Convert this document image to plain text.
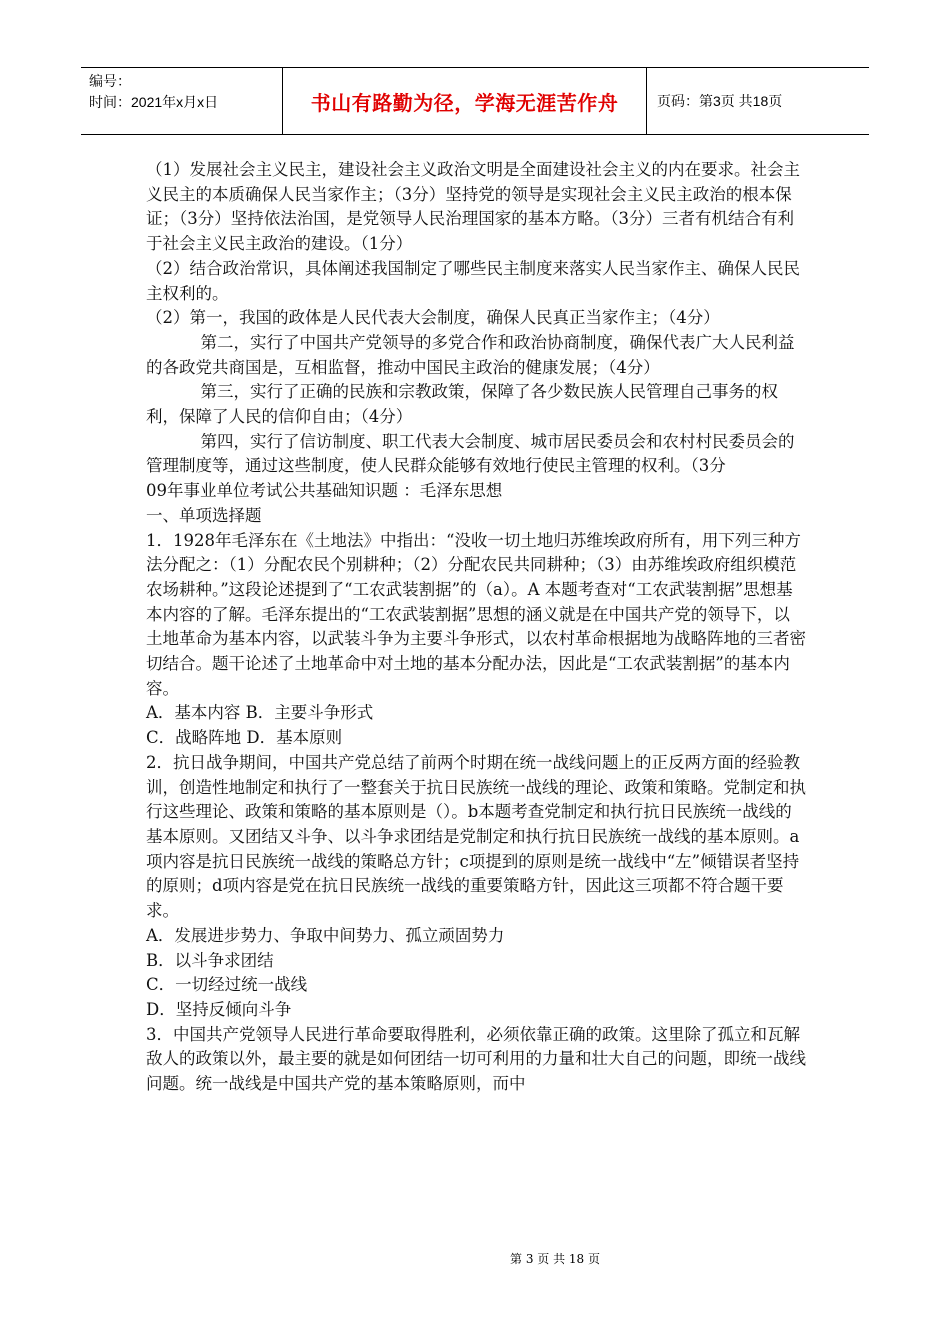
编号：
时间：2021年x月x日	书山有路勤为径，学海无涯苦作舟	页码：第3页 共18页

（1）发展社会主义民主，建设社会主义政治文明是全面建设社会主义的内在要求。社会主义民主的本质确保人民当家作主；（3分）坚持党的领导是实现社会主义民主政治的根本保证；（3分）坚持依法治国，是党领导人民治理国家的基本方略。（3分）三者有机结合有利于社会主义民主政治的建设。（1分）

（2）结合政治常识，具体阐述我国制定了哪些民主制度来落实人民当家作主、确保人民民主权利的。

（2）第一，我国的政体是人民代表大会制度，确保人民真正当家作主；（4分）

第二，实行了中国共产党领导的多党合作和政治协商制度，确保代表广大人民利益的各政党共商国是，互相监督，推动中国民主政治的健康发展；（4分）

第三，实行了正确的民族和宗教政策，保障了各少数民族人民管理自己事务的权利，保障了人民的信仰自由；（4分）

第四，实行了信访制度、职工代表大会制度、城市居民委员会和农村村民委员会的管理制度等，通过这些制度，使人民群众能够有效地行使民主管理的权利。（3分

09年事业单位考试公共基础知识题 ：毛泽东思想

一、单项选择题

1．1928年毛泽东在《土地法》中指出：“没收一切土地归苏维埃政府所有，用下列三种方法分配之：（1）分配农民个别耕种；（2）分配农民共同耕种；（3）由苏维埃政府组织模范农场耕种。”这段论述提到了“工农武装割据”的（a）。A 本题考查对“工农武装割据”思想基本内容的了解。毛泽东提出的“工农武装割据”思想的涵义就是在中国共产党的领导下，以土地革命为基本内容，以武装斗争为主要斗争形式，以农村革命根据地为战略阵地的三者密切结合。题干论述了土地革命中对土地的基本分配办法，因此是“工农武装割据”的基本内容。

A．基本内容 B．主要斗争形式

C．战略阵地 D．基本原则

2．抗日战争期间，中国共产党总结了前两个时期在统一战线问题上的正反两方面的经验教训，创造性地制定和执行了一整套关于抗日民族统一战线的理论、政策和策略。党制定和执行这些理论、政策和策略的基本原则是（）。b本题考查党制定和执行抗日民族统一战线的基本原则。又团结又斗争、以斗争求团结是党制定和执行抗日民族统一战线的基本原则。a项内容是抗日民族统一战线的策略总方针；c项提到的原则是统一战线中“左”倾错误者坚持的原则；d项内容是党在抗日民族统一战线的重要策略方针，因此这三项都不符合题干要求。

A．发展进步势力、争取中间势力、孤立顽固势力

B．以斗争求团结

C．一切经过统一战线

D．坚持反倾向斗争

3．中国共产党领导人民进行革命要取得胜利，必须依靠正确的政策。这里除了孤立和瓦解敌人的政策以外，最主要的就是如何团结一切可利用的力量和壮大自己的问题，即统一战线问题。统一战线是中国共产党的基本策略原则，而中

第 3 页 共 18 页
